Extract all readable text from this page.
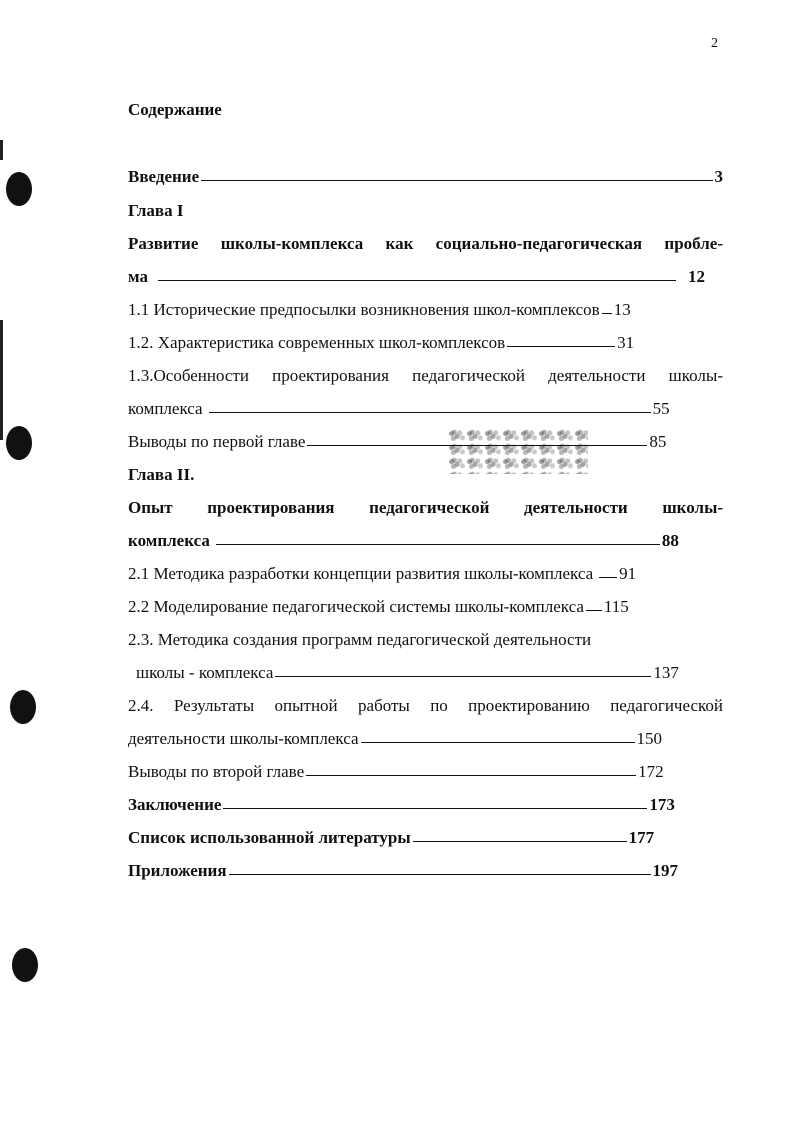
2
Содержание
Введение	3
Глава I
Развитие школы-комплекса как социально-педагогическая пробле-
ма	12
1.1 Исторические предпосылки возникновения школ-комплексов 13
1.2. Характеристика современных школ-комплексов	31
1.3.Особенности проектирования педагогической деятельности школы-
комплекса	55
Выводы по первой главе	85
Глава II.
Опыт проектирования педагогической деятельности школы-
комплекса	88
2.1 Методика разработки концепции развития школы-комплекса 91
2.2 Моделирование педагогической системы школы-комплекса 115
2.3. Методика создания программ педагогической деятельности
школы - комплекса	137
2.4. Результаты опытной работы по проектированию педагогической
деятельности школы-комплекса	150
Выводы по второй главе	172
Заключение	173
Список использованной литературы	177
Приложения	197
